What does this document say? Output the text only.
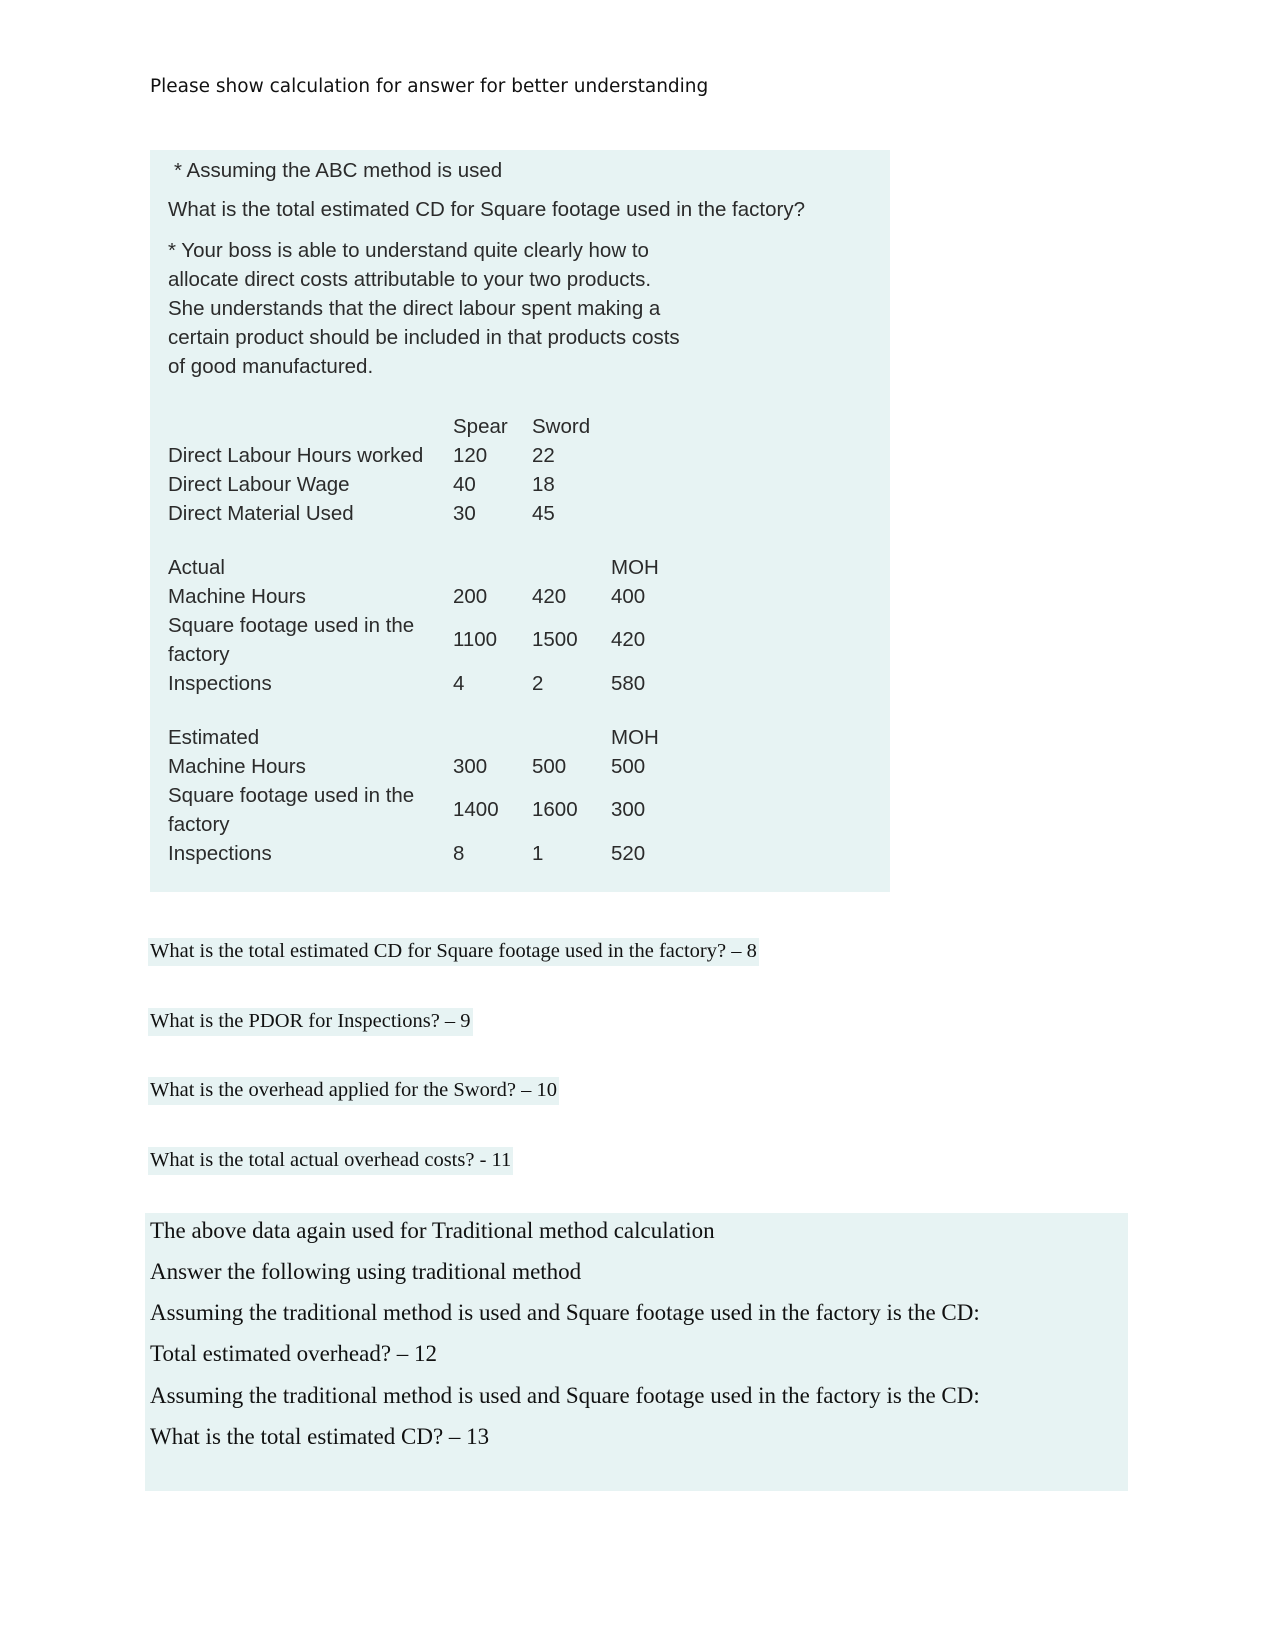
Please show calculation for answer for better understanding
* Assuming the ABC method is used
What is the total estimated CD for Square footage used in the factory?
* Your boss is able to understand quite clearly how to
allocate direct costs attributable to your two products.
She understands that the direct labour spent making a
certain product should be included in that products costs
of good manufactured.
	Spear	Sword	
Direct Labour Hours worked	120	22	
Direct Labour Wage	40	18	
Direct Material Used	30	45	

Actual			MOH
Machine Hours	200	420	400
Square footage used in the factory	1100	1500	420
Inspections	4	2	580

Estimated			MOH
Machine Hours	300	500	500
Square footage used in the factory	1400	1600	300
Inspections	8	1	520
What is the total estimated CD for Square footage used in the factory? – 8
What is the PDOR for Inspections? – 9
What is the overhead applied for the Sword? – 10
What is the total actual overhead costs? - 11
The above data again used for Traditional method calculation
Answer the following using traditional method
Assuming the traditional method is used and Square footage used in the factory is the CD:
Total estimated overhead? – 12
Assuming the traditional method is used and Square footage used in the factory is the CD:
What is the total estimated CD? – 13
